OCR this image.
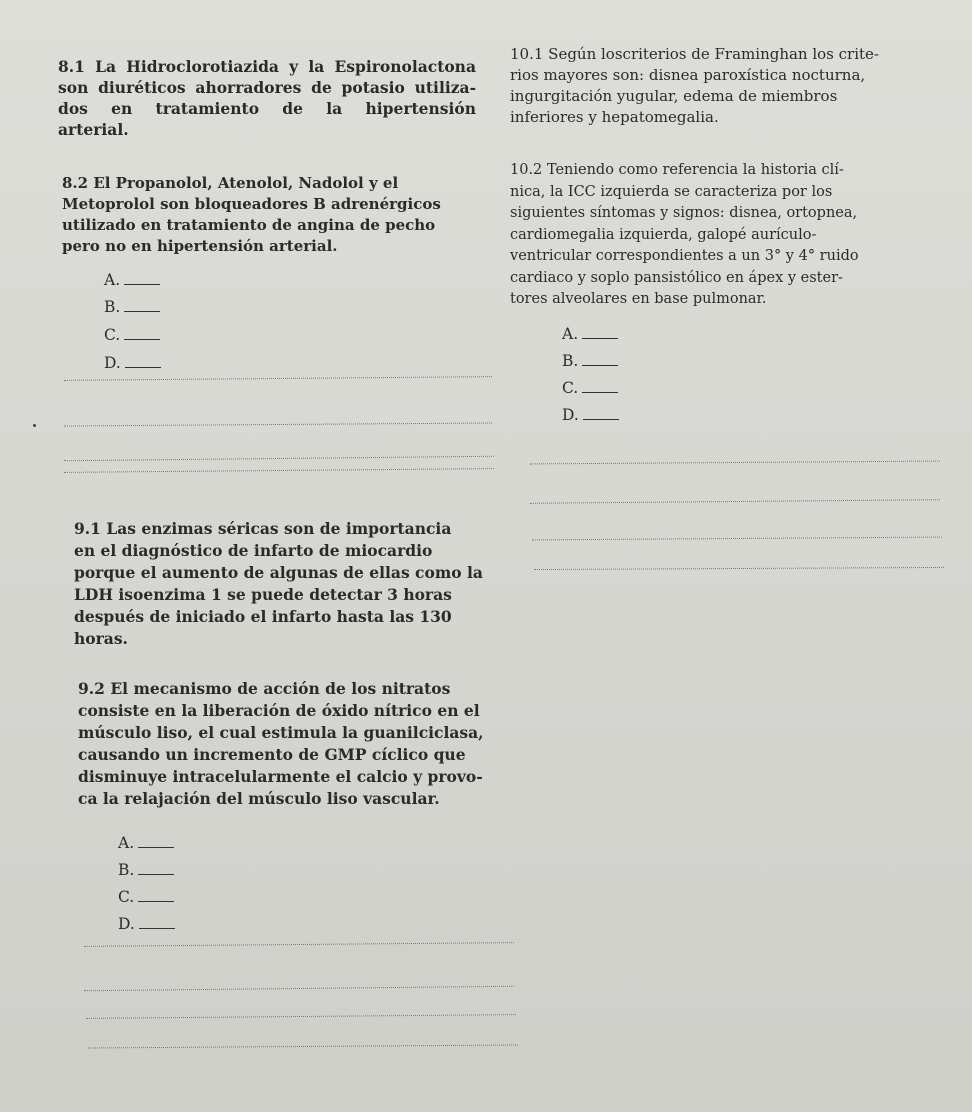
8.1 La Hidroclorotiazida y la Espironolactona
son diuréticos ahorradores de potasio utiliza-
dos en tratamiento de la hipertensión
arterial.
8.2 El Propanolol, Atenolol, Nadolol y el
Metoprolol son bloqueadores B adrenérgicos
utilizado en tratamiento de angina de pecho
pero no en hipertensión arterial.
A.
B.
C.
D.
9.1 Las enzimas séricas son de importancia
en el diagnóstico de infarto de miocardio
porque el aumento de algunas de ellas como la
LDH isoenzima 1 se puede detectar 3 horas
después de iniciado el infarto hasta las 130
horas.
9.2 El mecanismo de acción de los nitratos
consiste en la liberación de óxido nítrico en el
músculo liso, el cual estimula la guanilciclasa,
causando un incremento de GMP cíclico que
disminuye intracelularmente el calcio y provo-
ca la relajación del músculo liso vascular.
A.
B.
C.
D.
10.1 Según loscriterios de Framinghan los crite-
rios mayores son: disnea paroxística nocturna,
ingurgitación yugular, edema de miembros
inferiores y hepatomegalia.
10.2 Teniendo como referencia la historia clí-
nica, la ICC izquierda se caracteriza por los
siguientes síntomas y signos: disnea, ortopnea,
cardiomegalia izquierda, galopé aurículo-
ventricular correspondientes a un 3° y 4° ruido
cardiaco y soplo pansistólico en ápex y ester-
tores alveolares en base pulmonar.
A.
B.
C.
D.
